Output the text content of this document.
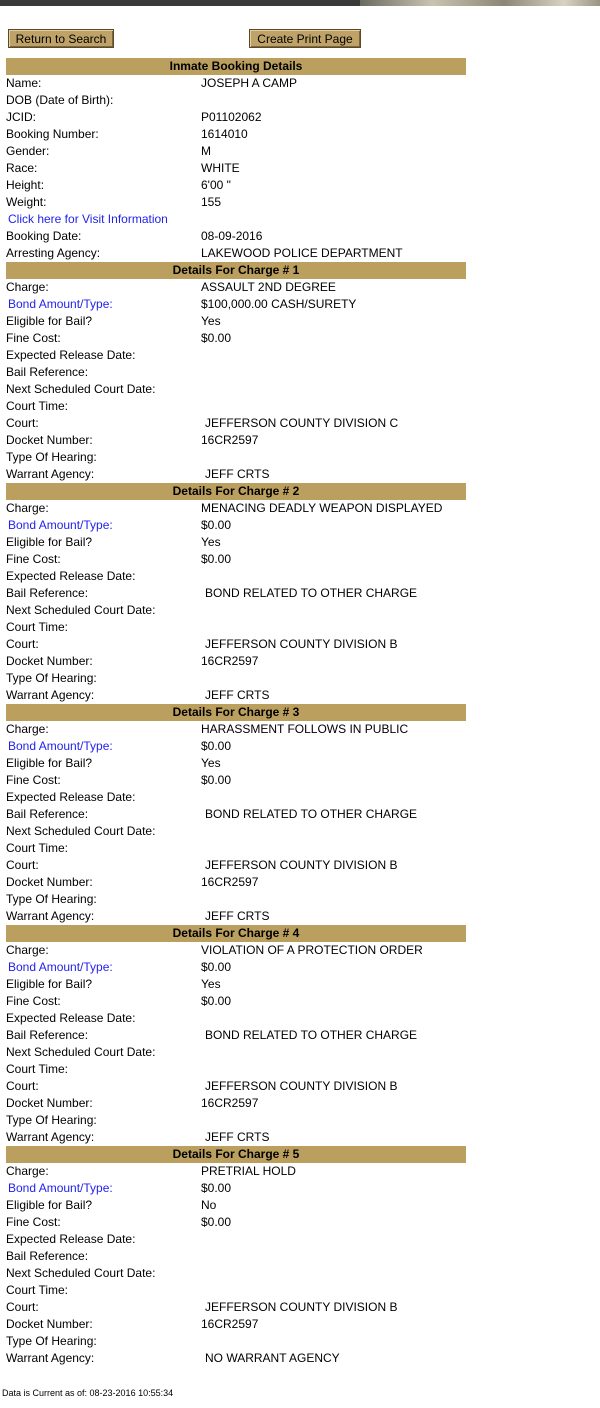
Return to Search	Create Print Page
Inmate Booking Details
Name:	JOSEPH A CAMP
DOB (Date of Birth):
JCID:	P01102062
Booking Number:	1614010
Gender:	M
Race:	WHITE
Height:	6'00 "
Weight:	155
Click here for Visit Information
Booking Date:	08-09-2016
Arresting Agency:	LAKEWOOD POLICE DEPARTMENT
Details For Charge # 1
Charge:	ASSAULT 2ND DEGREE
Bond Amount/Type:	$100,000.00 CASH/SURETY
Eligible for Bail?	Yes
Fine Cost:	$0.00
Expected Release Date:
Bail Reference:
Next Scheduled Court Date:
Court Time:
Court:	JEFFERSON COUNTY DIVISION C
Docket Number:	16CR2597
Type Of Hearing:
Warrant Agency:	JEFF CRTS
Details For Charge # 2
Charge:	MENACING DEADLY WEAPON DISPLAYED
Bond Amount/Type:	$0.00
Eligible for Bail?	Yes
Fine Cost:	$0.00
Expected Release Date:
Bail Reference:	BOND RELATED TO OTHER CHARGE
Next Scheduled Court Date:
Court Time:
Court:	JEFFERSON COUNTY DIVISION B
Docket Number:	16CR2597
Type Of Hearing:
Warrant Agency:	JEFF CRTS
Details For Charge # 3
Charge:	HARASSMENT FOLLOWS IN PUBLIC
Bond Amount/Type:	$0.00
Eligible for Bail?	Yes
Fine Cost:	$0.00
Expected Release Date:
Bail Reference:	BOND RELATED TO OTHER CHARGE
Next Scheduled Court Date:
Court Time:
Court:	JEFFERSON COUNTY DIVISION B
Docket Number:	16CR2597
Type Of Hearing:
Warrant Agency:	JEFF CRTS
Details For Charge # 4
Charge:	VIOLATION OF A PROTECTION ORDER
Bond Amount/Type:	$0.00
Eligible for Bail?	Yes
Fine Cost:	$0.00
Expected Release Date:
Bail Reference:	BOND RELATED TO OTHER CHARGE
Next Scheduled Court Date:
Court Time:
Court:	JEFFERSON COUNTY DIVISION B
Docket Number:	16CR2597
Type Of Hearing:
Warrant Agency:	JEFF CRTS
Details For Charge # 5
Charge:	PRETRIAL HOLD
Bond Amount/Type:	$0.00
Eligible for Bail?	No
Fine Cost:	$0.00
Expected Release Date:
Bail Reference:
Next Scheduled Court Date:
Court Time:
Court:	JEFFERSON COUNTY DIVISION B
Docket Number:	16CR2597
Type Of Hearing:
Warrant Agency:	NO WARRANT AGENCY
Data is Current as of: 08-23-2016 10:55:34
